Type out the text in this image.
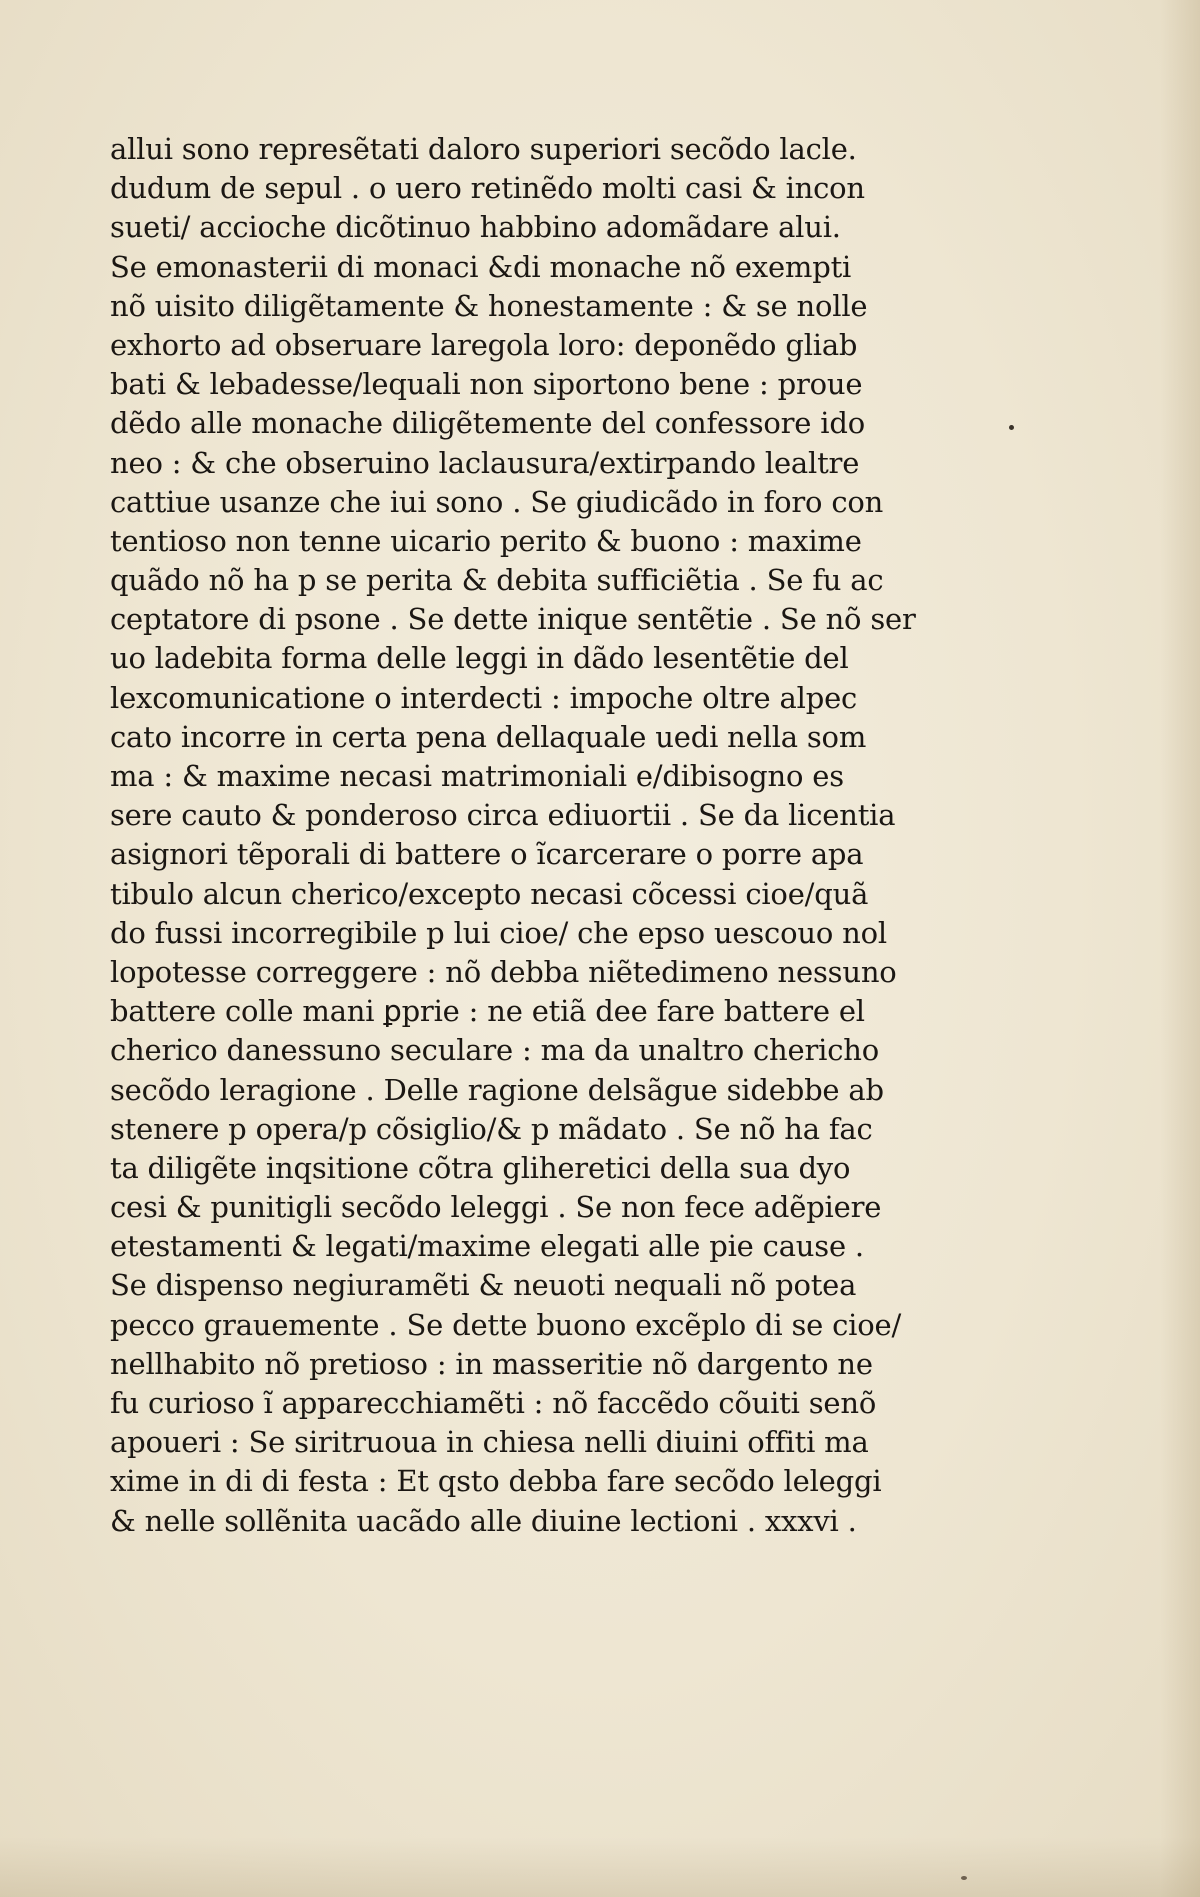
allui sono represẽtati daloro superiori secõdo lacle.
dudum de sepul . o uero retinẽdo molti casi & incon
sueti/ accioche dicõtinuo habbino adomãdare alui.
Se emonasterii di monaci &di monache nõ exempti
nõ uisito diligẽtamente & honestamente : & se nolle
exhorto ad obseruare laregola loro: deponẽdo gliab
bati & lebadesse/lequali non siportono bene : proue
dẽdo alle monache diligẽtemente del confessore ido
neo : & che obseruino laclausura/extirpando lealtre
cattiue usanze che iui sono . Se giudicãdo in foro con
tentioso non tenne uicario perito & buono : maxime
quãdo nõ ha p se perita & debita sufficiẽtia . Se fu ac
ceptatore di psone . Se dette inique sentẽtie . Se nõ ser
uo ladebita forma delle leggi in dãdo lesentẽtie del
lexcomunicatione o interdecti : impoche oltre alpec
cato incorre in certa pena dellaquale uedi nella som
ma : & maxime necasi matrimoniali e/dibisogno es
sere cauto & ponderoso circa ediuortii . Se da licentia
asignori tẽporali di battere o ĩcarcerare o porre apa
tibulo alcun cherico/excepto necasi cõcessi cioe/quã
do fussi incorregibile p lui cioe/ che epso uescouo nol
lopotesse correggere : nõ debba niẽtedimeno nessuno
battere colle mani ꝑprie : ne etiã dee fare battere el
cherico danessuno seculare : ma da unaltro chericho
secõdo leragione . Delle ragione delsãgue sidebbe ab
stenere p opera/p cõsiglio/& p mãdato . Se nõ ha fac
ta diligẽte inqsitione cõtra gliheretici della sua dyo
cesi & punitigli secõdo leleggi . Se non fece adẽpiere
etestamenti & legati/maxime elegati alle pie cause .
Se dispenso negiuramẽti & neuoti nequali nõ potea
pecco grauemente . Se dette buono excẽplo di se cioe/
nellhabito nõ pretioso : in masseritie nõ dargento ne
fu curioso ĩ apparecchiamẽti : nõ faccẽdo cõuiti senõ
apoueri : Se siritruoua in chiesa nelli diuini offiti ma
xime in di di festa : Et qsto debba fare secõdo leleggi
& nelle sollẽnita uacãdo alle diuine lectioni . xxxvi .
